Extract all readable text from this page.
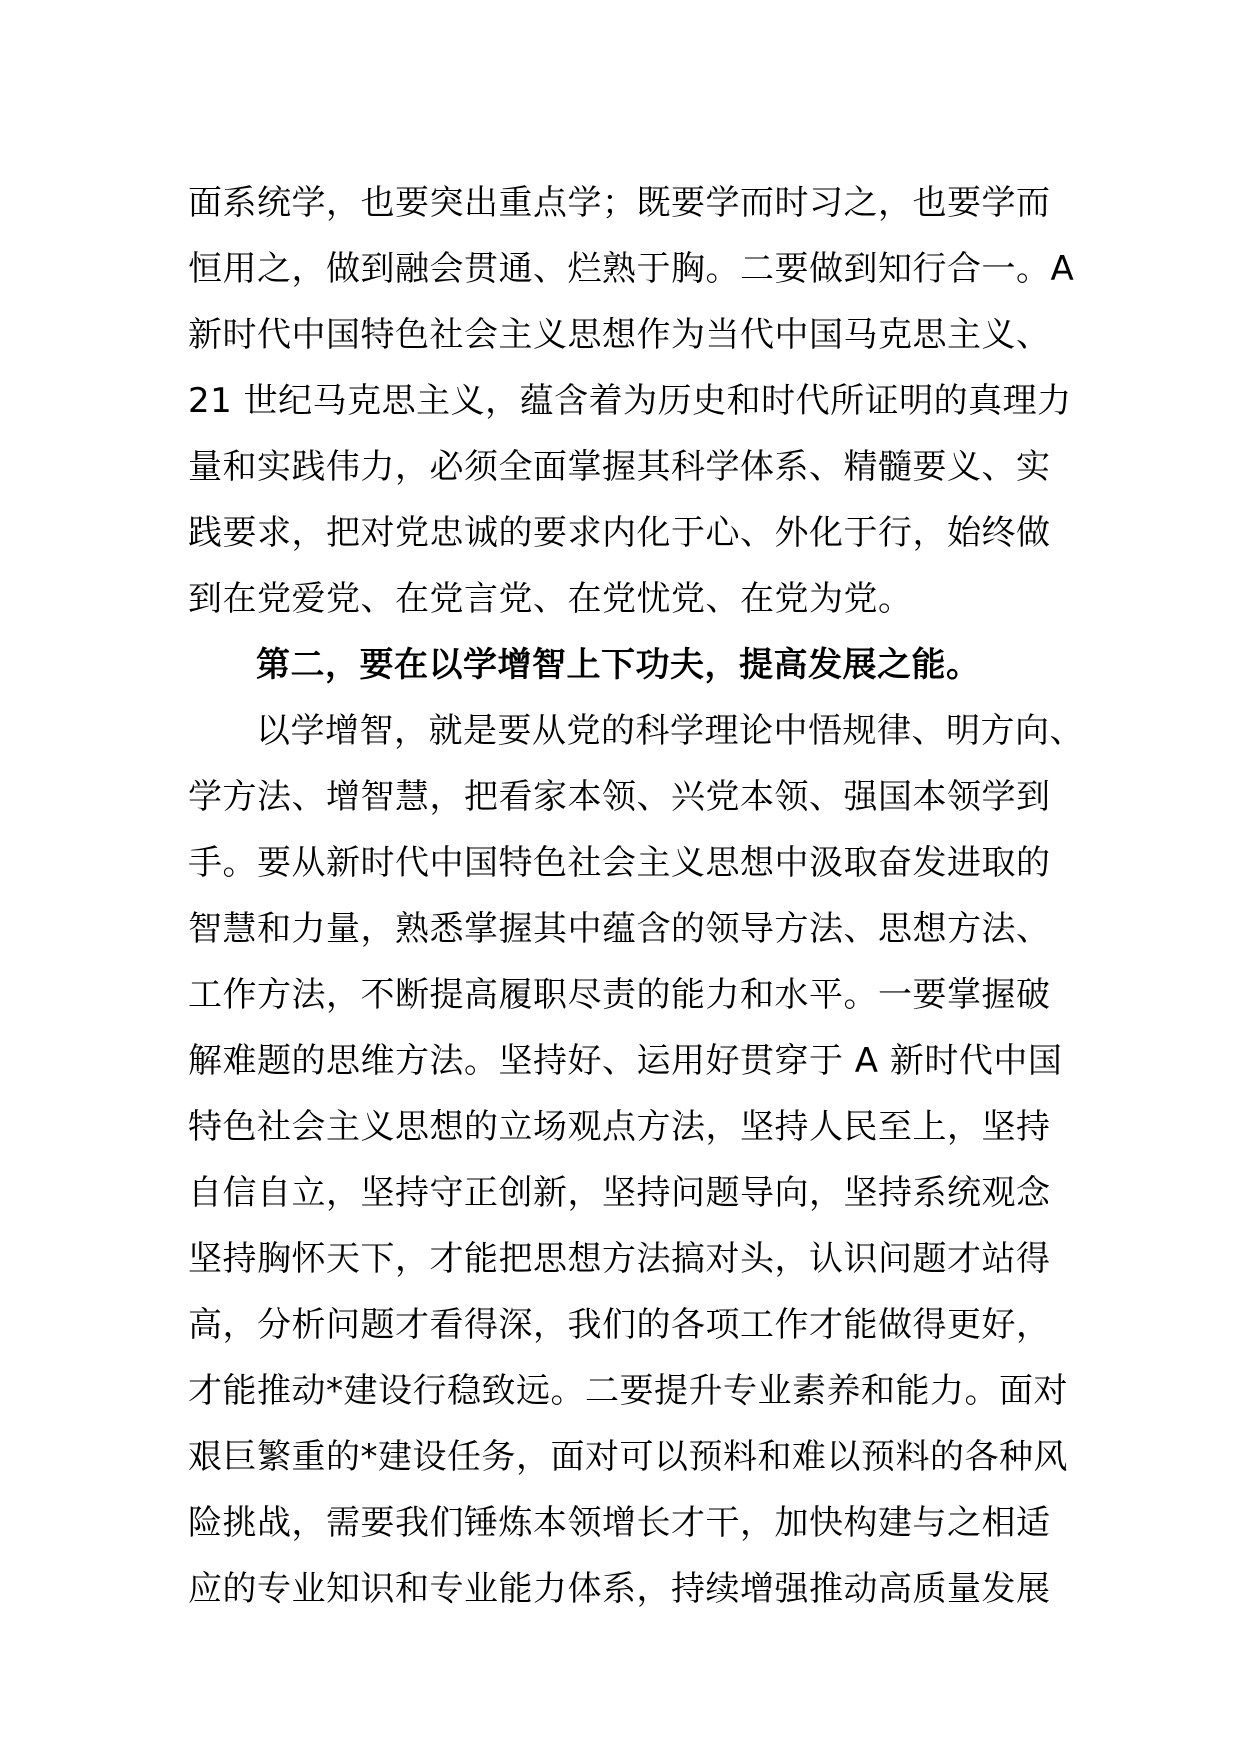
面系统学，也要突出重点学；既要学而时习之，也要学而
恒用之，做到融会贯通、烂熟于胸。二要做到知行合一。A
新时代中国特色社会主义思想作为当代中国马克思主义、
21 世纪马克思主义，蕴含着为历史和时代所证明的真理力
量和实践伟力，必须全面掌握其科学体系、精髓要义、实
践要求，把对党忠诚的要求内化于心、外化于行，始终做
到在党爱党、在党言党、在党忧党、在党为党。
第二，要在以学增智上下功夫，提高发展之能。
以学增智，就是要从党的科学理论中悟规律、明方向、
学方法、增智慧，把看家本领、兴党本领、强国本领学到
手。要从新时代中国特色社会主义思想中汲取奋发进取的
智慧和力量，熟悉掌握其中蕴含的领导方法、思想方法、
工作方法，不断提高履职尽责的能力和水平。一要掌握破
解难题的思维方法。坚持好、运用好贯穿于 A 新时代中国
特色社会主义思想的立场观点方法，坚持人民至上，坚持
自信自立，坚持守正创新，坚持问题导向，坚持系统观念
坚持胸怀天下，才能把思想方法搞对头，认识问题才站得
高，分析问题才看得深，我们的各项工作才能做得更好，
才能推动*建设行稳致远。二要提升专业素养和能力。面对
艰巨繁重的*建设任务，面对可以预料和难以预料的各种风
险挑战，需要我们锤炼本领增长才干，加快构建与之相适
应的专业知识和专业能力体系，持续增强推动高质量发展
